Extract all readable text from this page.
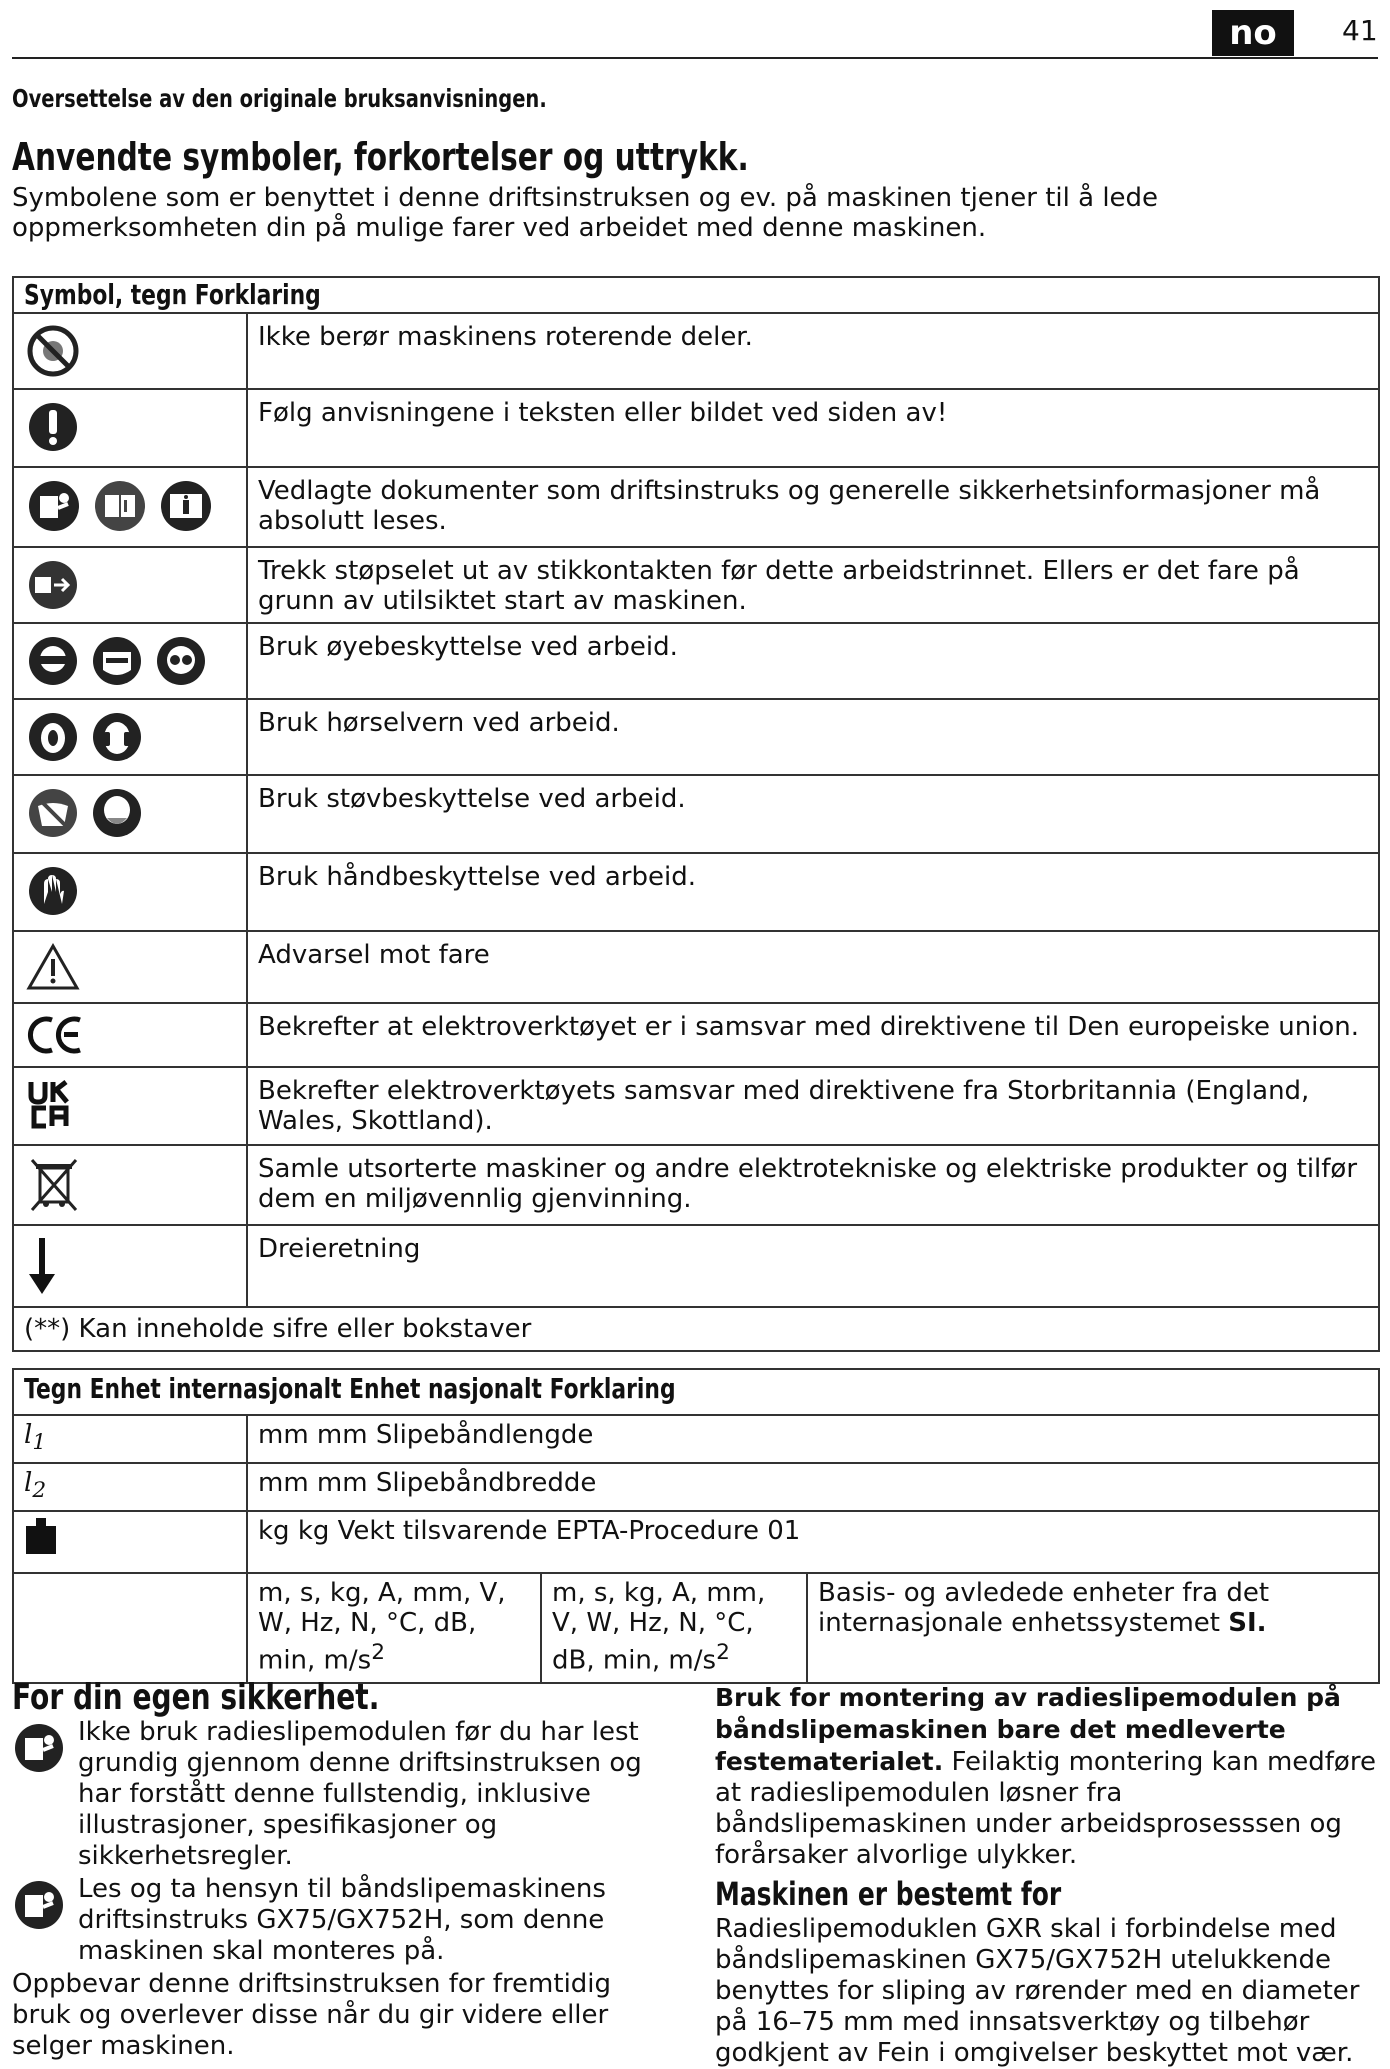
no	41
Oversettelse av den originale bruksanvisningen.
Anvendte symboler, forkortelser og uttrykk.
Symbolene som er benyttet i denne driftsinstruksen og ev. på maskinen tjener til å lede oppmerksomheten din på mulige farer ved arbeidet med denne maskinen.
Symbol, tegn Forklaring	

	Ikke berør maskinens roterende deler.

	Følg anvisningene i teksten eller bildet ved siden av!

	Vedlagte dokumenter som driftsinstruks og generelle sikkerhetsinformasjoner må absolutt leses.

	Trekk støpselet ut av stikkontakten før dette arbeidstrinnet. Ellers er det fare på grunn av utilsiktet start av maskinen.

	Bruk øyebeskyttelse ved arbeid.

	Bruk hørselvern ved arbeid.

	Bruk støvbeskyttelse ved arbeid.

	Bruk håndbeskyttelse ved arbeid.

	Advarsel mot fare

	Bekrefter at elektroverktøyet er i samsvar med direktivene til Den europeiske union.

	Bekrefter elektroverktøyets samsvar med direktivene fra Storbritannia (England, Wales, Skottland).

	Samle utsorterte maskiner og andre elektrotekniske og elektriske produkter og tilfør dem en miljøvennlig gjenvinning.

	Dreieretning
(**) Kan inneholde sifre eller bokstaver	
Tegn Enhet internasjonalt Enhet nasjonalt Forklaring			
$l_1$	mm mm Slipebåndlengde		
$l_2$	mm mm Slipebåndbredde		
	kg kg Vekt tilsvarende EPTA-Procedure 01		
	m, s, kg, A, mm, V, W, Hz, N, °C, dB, min, $m/s^2$	m, s, kg, A, mm, V, W, Hz, N, °C, dB, min, $m/s^2$	Basis- og avledede enheter fra det internasjonale enhetssystemet SI.
For din egen sikkerhet.
Ikke bruk radieslipemodulen før du har lest grundig gjennom denne driftsinstruksen og har forstått denne fullstendig, inklusive illustrasjoner, spesifikasjoner og sikkerhetsregler.
Les og ta hensyn til båndslipemaskinens driftsinstruks GX75/GX752H, som denne maskinen skal monteres på.
Oppbevar denne driftsinstruksen for fremtidig bruk og overlever disse når du gir videre eller selger maskinen.
Bruk for montering av radieslipemodulen på båndslipemaskinen bare det medleverte festematerialet. Feilaktig montering kan medføre at radieslipemodulen løsner fra båndslipemaskinen under arbeidsprosesssen og forårsaker alvorlige ulykker.
Maskinen er bestemt for
Radieslipemoduklen GXR skal i forbindelse med båndslipemaskinen GX75/GX752H utelukkende benyttes for sliping av rørender med en diameter på 16–75 mm med innsatsverktøy og tilbehør godkjent av Fein i omgivelser beskyttet mot vær.
